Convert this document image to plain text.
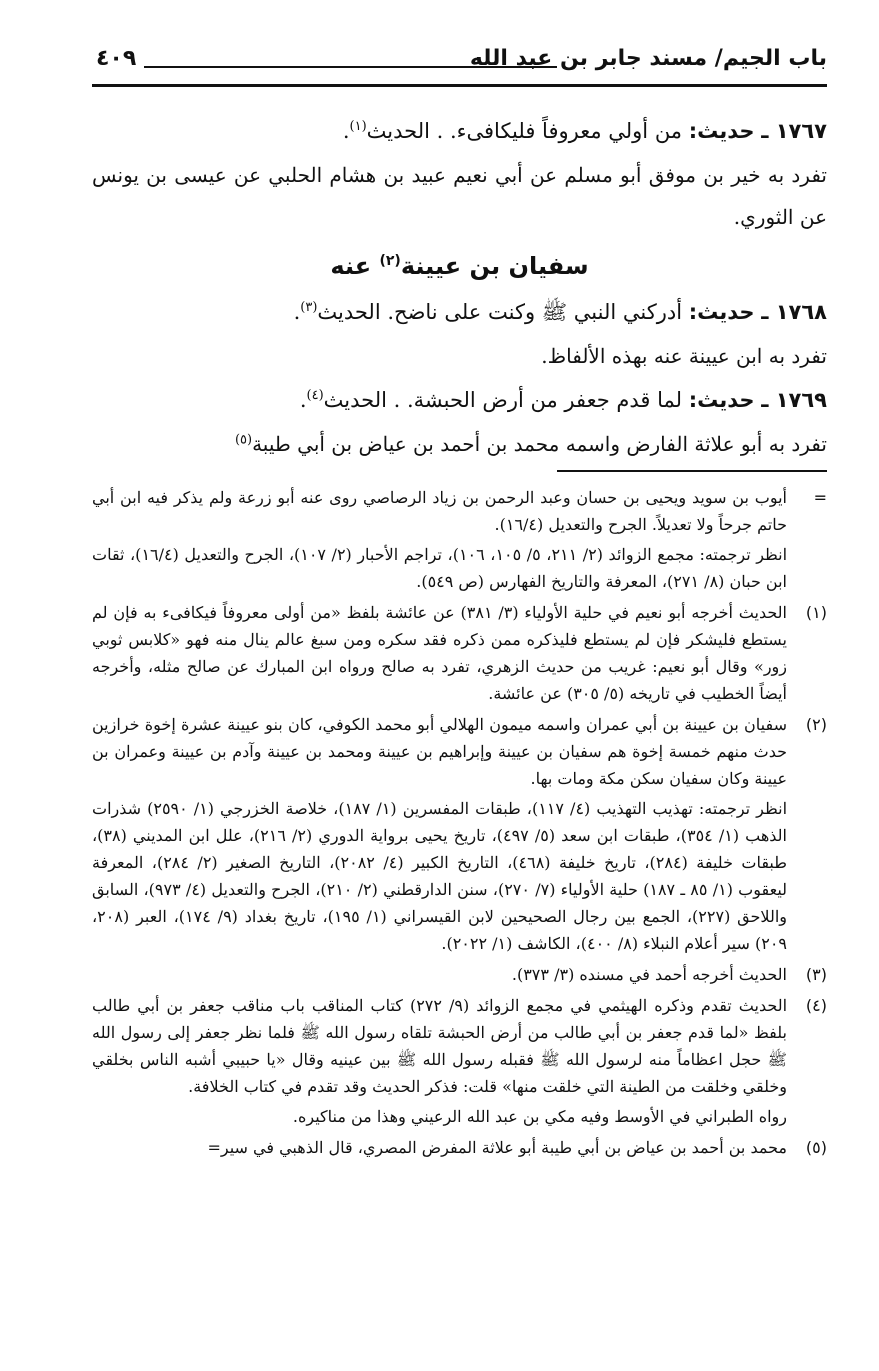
باب الجيم/ مسند جابر بن عبد الله
٤٠٩
١٧٦٧ ـ حديث: من أولي معروفاً فليكافىء. . الحديث$^{(١)}$.
تفرد به خير بن موفق أبو مسلم عن أبي نعيم عبيد بن هشام الحلبي عن عيسى بن يونس عن الثوري.
سفيان بن عيينة$^{(٢)}$ عنه
١٧٦٨ ـ حديث: أدركني النبي ﷺ وكنت على ناضح. الحديث$^{(٣)}$.
تفرد به ابن عيينة عنه بهذه الألفاظ.
١٧٦٩ ـ حديث: لما قدم جعفر من أرض الحبشة. . الحديث$^{(٤)}$.
تفرد به أبو علاثة الفارض واسمه محمد بن أحمد بن عياض بن أبي طيبة$^{(٥)}$
=

أيوب بن سويد ويحيى بن حسان وعبد الرحمن بن زياد الرصاصي روى عنه أبو زرعة ولم يذكر فيه ابن أبي حاتم جرحاً ولا تعديلاً. الجرح والتعديل (١٦/٤).

انظر ترجمته: مجمع الزوائد (٢/ ٢١١، ٥/ ١٠٥، ١٠٦)، تراجم الأحبار (٢/ ١٠٧)، الجرح والتعديل (١٦/٤)، ثقات ابن حبان (٨/ ٢٧١)، المعرفة والتاريخ الفهارس (ص ٥٤٩).

(١)

الحديث أخرجه أبو نعيم في حلية الأولياء (٣/ ٣٨١) عن عائشة بلفظ «من أولى معروفاً فيكافىء به فإن لم يستطع فليشكر فإن لم يستطع فليذكره ممن ذكره فقد سكره ومن سبغ عالم ينال منه فهو «كلابس ثوبي زور» وقال أبو نعيم: غريب من حديث الزهري، تفرد به صالح ورواه ابن المبارك عن صالح مثله، وأخرجه أيضاً الخطيب في تاريخه (٥/ ٣٠٥) عن عائشة.

(٢)

سفيان بن عيينة بن أبي عمران واسمه ميمون الهلالي أبو محمد الكوفي، كان بنو عيينة عشرة إخوة خرازين حدث منهم خمسة إخوة هم سفيان بن عيينة وإبراهيم بن عيينة ومحمد بن عيينة وآدم بن عيينة وعمران بن عيينة وكان سفيان سكن مكة ومات بها.

انظر ترجمته: تهذيب التهذيب (٤/ ١١٧)، طبقات المفسرين (١/ ١٨٧)، خلاصة الخزرجي (١/ ٢٥٩٠) شذرات الذهب (١/ ٣٥٤)، طبقات ابن سعد (٥/ ٤٩٧)، تاريخ يحيى برواية الدوري (٢/ ٢١٦)، علل ابن المديني (٣٨)، طبقات خليفة (٢٨٤)، تاريخ خليفة (٤٦٨)، التاريخ الكبير (٤/ ٢٠٨٢)، التاريخ الصغير (٢/ ٢٨٤)، المعرفة ليعقوب (١/ ٨٥ ـ ١٨٧) حلية الأولياء (٧/ ٢٧٠)، سنن الدارقطني (٢/ ٢١٠)، الجرح والتعديل (٤/ ٩٧٣)، السابق واللاحق (٢٢٧)، الجمع بين رجال الصحيحين لابن القيسراني (١/ ١٩٥)، تاريخ بغداد (٩/ ١٧٤)، العبر (٢٠٨، ٢٠٩) سير أعلام النبلاء (٨/ ٤٠٠)، الكاشف (١/ ٢٠٢٢).

(٣)

الحديث أخرجه أحمد في مسنده (٣/ ٣٧٣).

(٤)

الحديث تقدم وذكره الهيثمي في مجمع الزوائد (٩/ ٢٧٢) كتاب المناقب باب مناقب جعفر بن أبي طالب بلفظ «لما قدم جعفر بن أبي طالب من أرض الحبشة تلقاه رسول الله ﷺ فلما نظر جعفر إلى رسول الله ﷺ حجل اعظاماً منه لرسول الله ﷺ فقبله رسول الله ﷺ بين عينيه وقال «يا حبيبي أشبه الناس بخلقي وخلقي وخلقت من الطينة التي خلقت منها» قلت: فذكر الحديث وقد تقدم في كتاب الخلافة.

رواه الطبراني في الأوسط وفيه مكي بن عبد الله الرعيني وهذا من مناكيره.

(٥)

محمد بن أحمد بن عياض بن أبي طيبة أبو علاثة المفرض المصري، قال الذهبي في سير=
